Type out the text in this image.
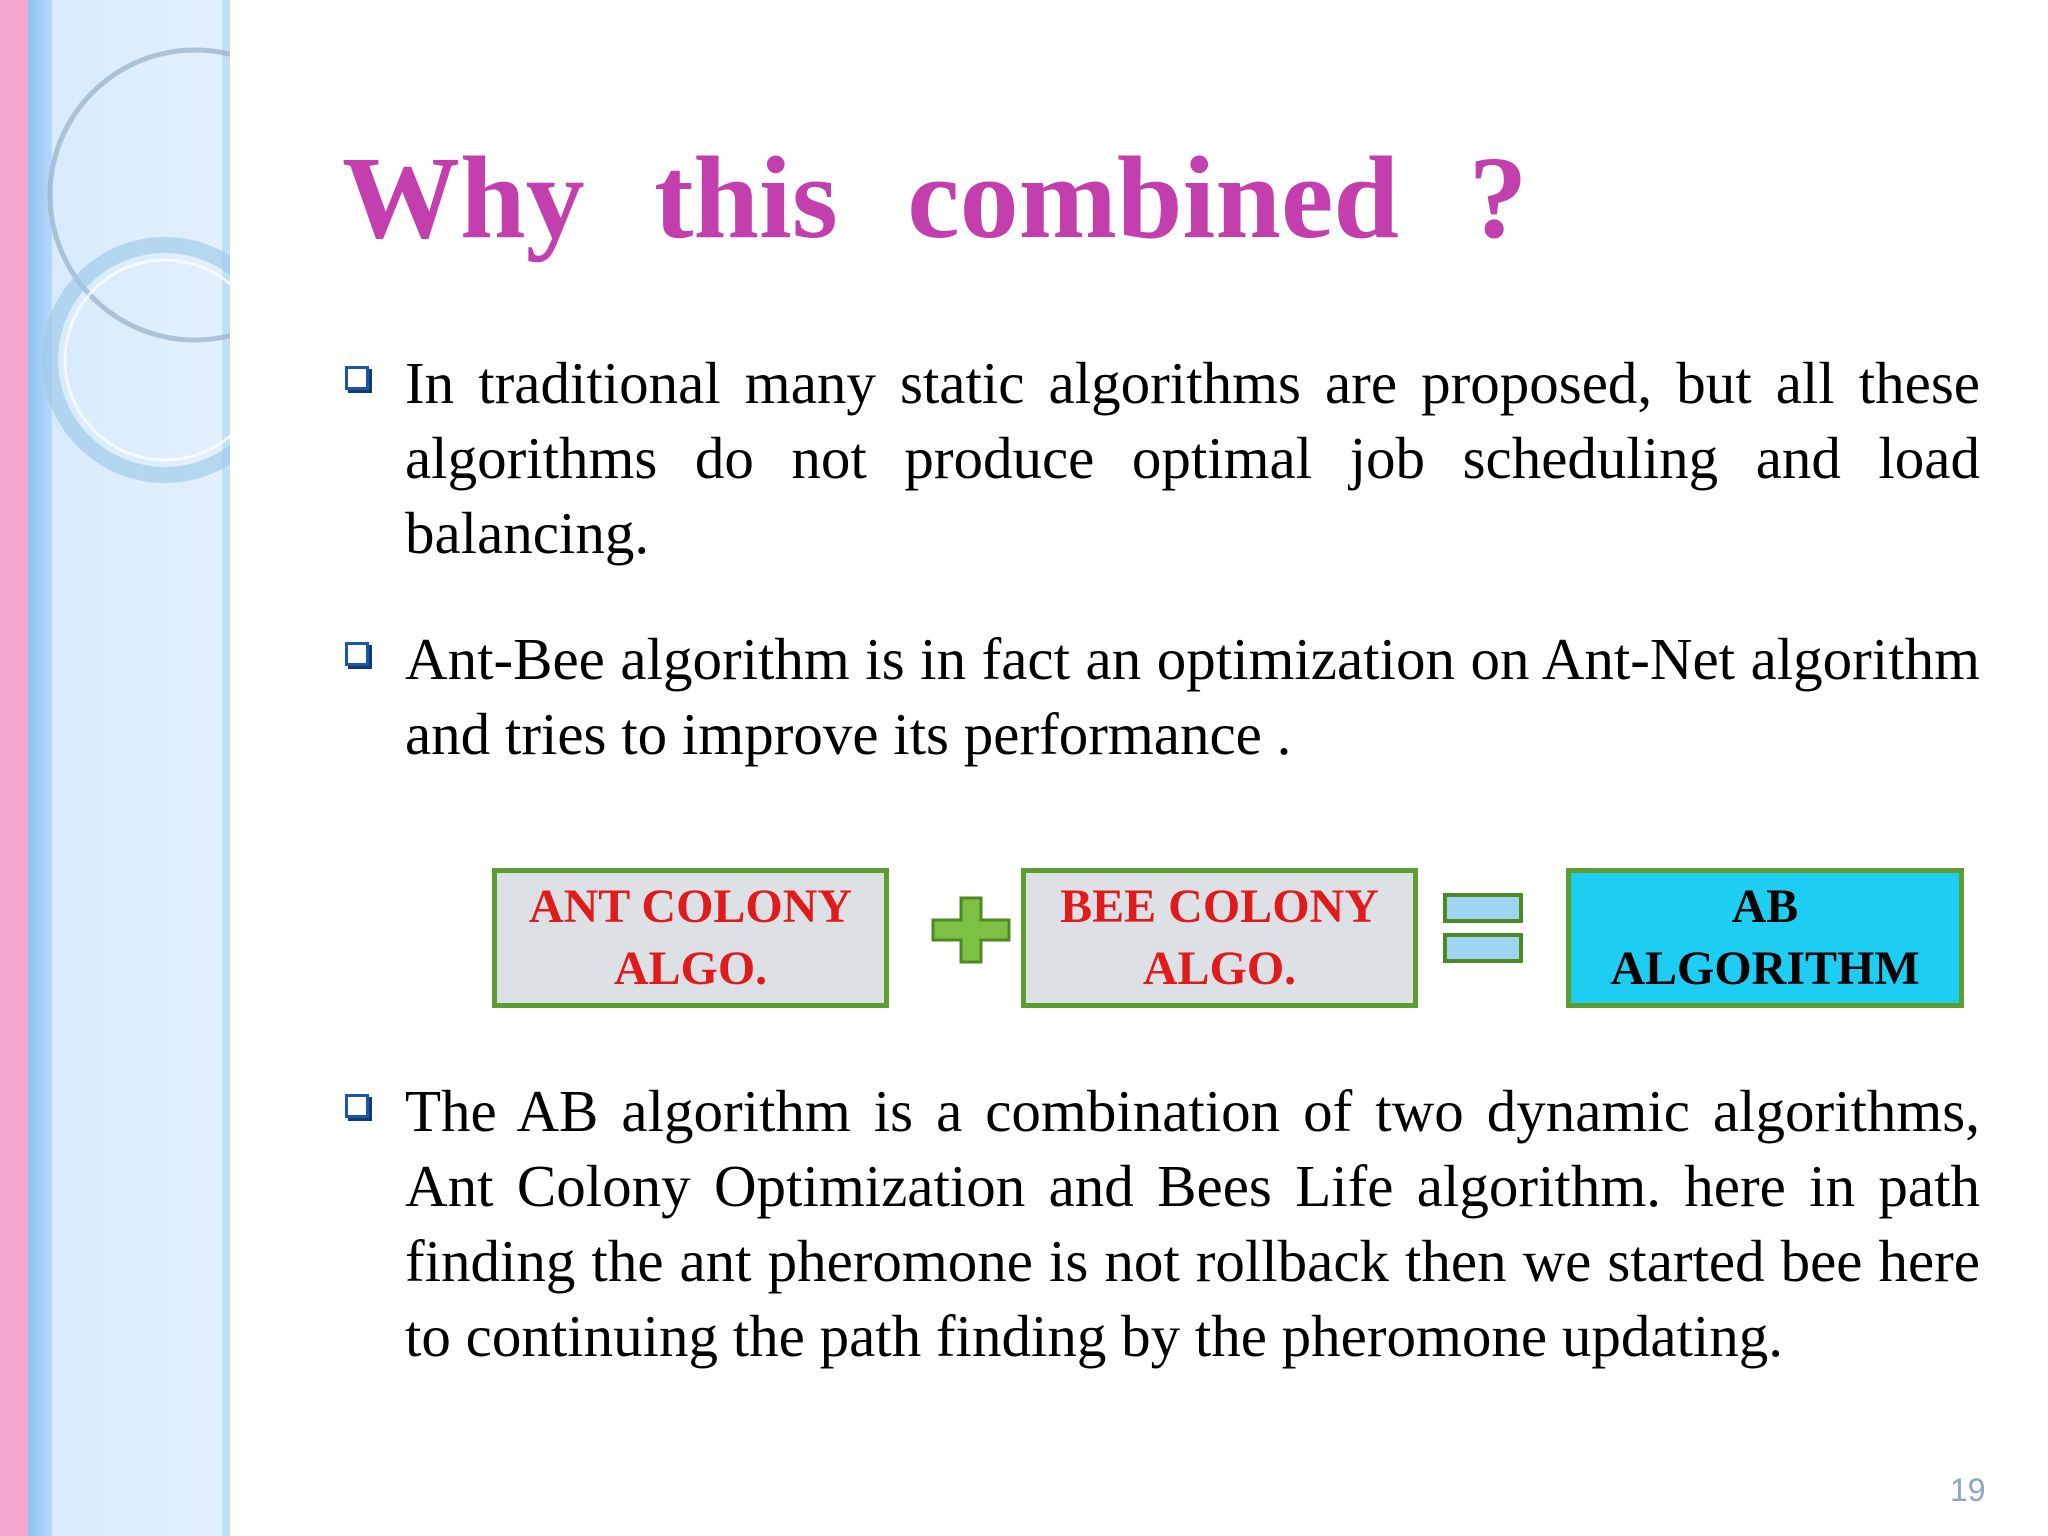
Why this combined ?

In traditional many static algorithms are proposed, but all these algorithms do not produce optimal job scheduling and load balancing.

Ant-Bee algorithm is in fact an optimization on Ant-Net algorithm and tries to improve its performance .

ANT COLONY
ALGO.
BEE COLONY
ALGO.
AB
ALGORITHM

The AB algorithm is a combination of two dynamic algorithms, Ant Colony Optimization and Bees Life algorithm. here in path finding the ant pheromone is not rollback then we started bee here to continuing the path finding by the pheromone updating.

19
